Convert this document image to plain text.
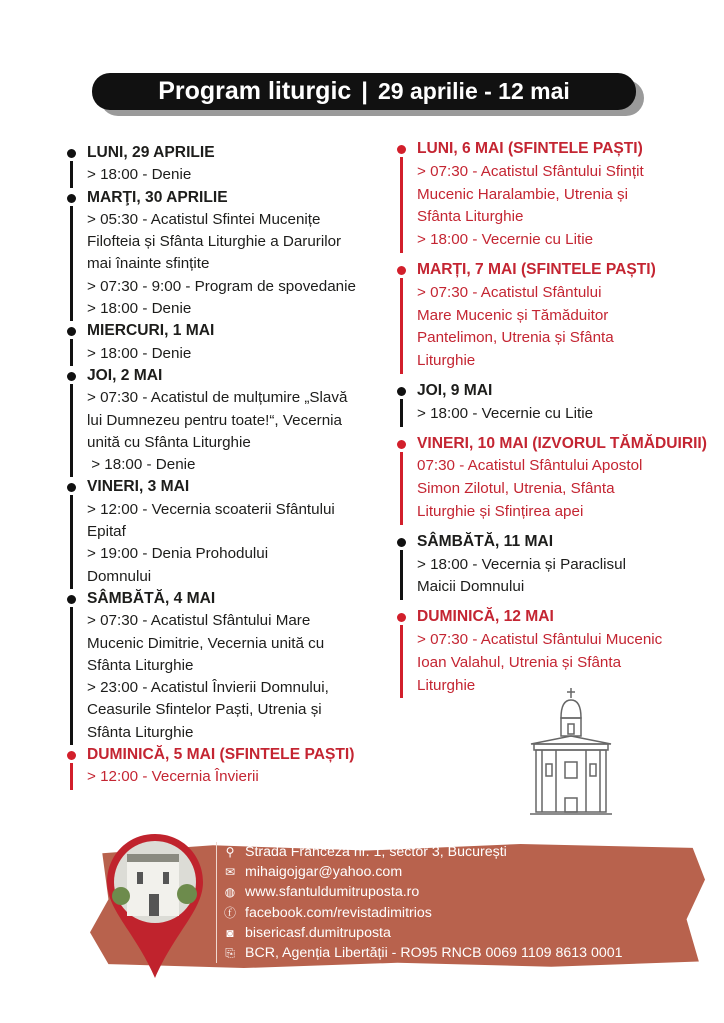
Program liturgic | 29 aprilie - 12 mai
LUNI, 29 APRILIE
> 18:00 - Denie
MARŢI, 30 APRILIE
> 05:30 - Acatistul Sfintei Mucenițe
Filofteia și Sfânta Liturghie a Darurilor
mai înainte sfințite
> 07:30 - 9:00 - Program de spovedanie
> 18:00 - Denie
MIERCURI, 1 MAI
> 18:00 - Denie
JOI, 2 MAI
> 07:30 - Acatistul de mulțumire „Slavă
lui Dumnezeu pentru toate!“, Vecernia
unită cu Sfânta Liturghie
> 18:00 - Denie
VINERI, 3 MAI
> 12:00 - Vecernia scoaterii Sfântului
Epitaf
> 19:00 - Denia Prohodului
Domnului
SÂMBĂTĂ, 4 MAI
> 07:30 - Acatistul Sfântului Mare
Mucenic Dimitrie, Vecernia unită cu
Sfânta Liturghie
> 23:00 - Acatistul Învierii Domnului,
Ceasurile Sfintelor Paști, Utrenia și
Sfânta Liturghie
DUMINICĂ, 5 MAI (SFINTELE PAȘTI)
> 12:00 - Vecernia Învierii
LUNI, 6 MAI (SFINTELE PAȘTI)
> 07:30 - Acatistul Sfântului Sfințit
Mucenic Haralambie, Utrenia și
Sfânta Liturghie
> 18:00 - Vecernie cu Litie
MARȚI, 7 MAI (SFINTELE PAȘTI)
> 07:30 - Acatistul Sfântului
Mare Mucenic și Tămăduitor
Pantelimon, Utrenia și Sfânta
Liturghie
JOI, 9 MAI
> 18:00 - Vecernie cu Litie
VINERI, 10 MAI (IZVORUL TĂMĂDUIRII)
07:30 - Acatistul Sfântului Apostol
Simon Zilotul, Utrenia, Sfânta
Liturghie și Sfințirea apei
SÂMBĂTĂ, 11 MAI
> 18:00 - Vecernia și Paraclisul
Maicii Domnului
DUMINICĂ, 12 MAI
> 07:30 - Acatistul Sfântului Mucenic
Ioan Valahul, Utrenia și Sfânta
Liturghie
⚲ Strada Franceză nr. 1, sector 3, București
✉ mihaigojgar@yahoo.com
◍ www.sfantuldumitruposta.ro
ⓕ facebook.com/revistadimitrios
◙ bisericasf.dumitruposta
⎘ BCR, Agenția Libertății - RO95 RNCB 0069 1109 8613 0001
